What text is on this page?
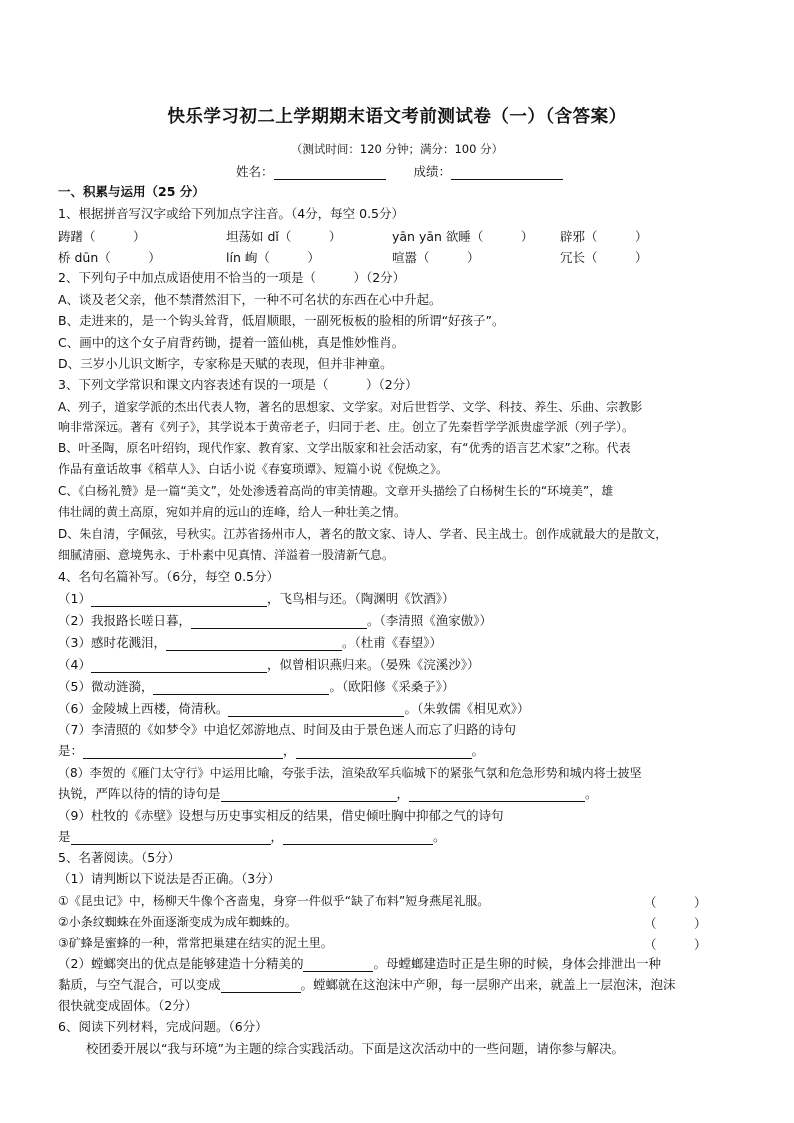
快乐学习初二上学期期末语文考前测试卷（一）（含答案）
（测试时间：120 分钟；满分：100 分）
姓名：	成绩：
一、积累与运用（25 分）
1、根据拼音写汉字或给下列加点字注音。（4分，每空 0.5分）
踌躇（　　　）	坦荡如 dǐ（　　　）	yān yān 欲睡（　　　） 辟邪（　　　）
桥 dūn（　　　）	lín 峋（　　　）	喧嚣（　　　）	冗长（　　　）
2、下列句子中加点成语使用不恰当的一项是（　　　）（2分）
A、谈及老父亲，他不禁潸然泪下，一种不可名状的东西在心中升起。
B、走进来的，是一个钩头耸背，低眉顺眼，一副死板板的脸相的所谓“好孩子”。
C、画中的这个女子肩背药锄，提着一篮仙桃，真是惟妙惟肖。
D、三岁小儿识文断字，专家称是天赋的表现，但并非神童。
3、下列文学常识和课文内容表述有误的一项是（　　　）（2分）
A、列子，道家学派的杰出代表人物，著名的思想家、文学家。对后世哲学、文学、科技、养生、乐曲、宗教影
响非常深远。著有《列子》，其学说本于黄帝老子，归同于老、庄。创立了先秦哲学学派贵虚学派（列子学）。
B、叶圣陶，原名叶绍钧，现代作家、教育家、文学出版家和社会活动家，有“优秀的语言艺术家”之称。代表
作品有童话故事《稻草人》、白话小说《春宴琐谭》、短篇小说《倪焕之》。
C、《白杨礼赞》是一篇“美文”，处处渗透着高尚的审美情趣。文章开头描绘了白杨树生长的“环境美”，雄
伟壮阔的黄土高原，宛如并肩的远山的连峰，给人一种壮美之情。
D、朱自清，字佩弦，号秋实。江苏省扬州市人，著名的散文家、诗人、学者、民主战士。创作成就最大的是散文，
细腻清丽、意境隽永、于朴素中见真情、洋溢着一股清新气息。
4、名句名篇补写。（6分，每空 0.5分）
（1）	，飞鸟相与还。（陶渊明《饮酒》）
（2）我报路长嗟日暮，	。（李清照《渔家傲》）
（3）感时花溅泪，	。（杜甫《春望》）
（4）	，似曾相识燕归来。（晏殊《浣溪沙》）
（5）微动涟漪，	。（欧阳修《采桑子》）
（6）金陵城上西楼，倚清秋。	。（朱敦儒《相见欢》）
（7）李清照的《如梦令》中追忆郊游地点、时间及由于景色迷人而忘了归路的诗句
是：	，	。
（8）李贺的《雁门太守行》中运用比喻，夸张手法，渲染敌军兵临城下的紧张气氛和危急形势和城内将士披坚
执锐，严阵以待的情的诗句是	，	。
（9）杜牧的《赤壁》设想与历史事实相反的结果，借史倾吐胸中抑郁之气的诗句
是	，	。
5、名著阅读。（5分）
（1）请判断以下说法是否正确。（3分）
①《昆虫记》中，杨柳天牛像个吝啬鬼，身穿一件似乎“缺了布料”短身燕尾礼服。	（　　　）
②小条纹蜘蛛在外面逐渐变成为成年蜘蛛的。	（　　　）
③矿蜂是蜜蜂的一种，常常把巢建在结实的泥土里。	（　　　）
（2）螳螂突出的优点是能够建造十分精美的	。母螳螂建造时正是生卵的时候，身体会排泄出一种
黏质，与空气混合，可以变成	。螳螂就在这泡沫中产卵，每一层卵产出来，就盖上一层泡沫，泡沫
很快就变成固体。（2分）
6、阅读下列材料，完成问题。（6分）
校团委开展以“我与环境”为主题的综合实践活动。下面是这次活动中的一些问题，请你参与解决。
